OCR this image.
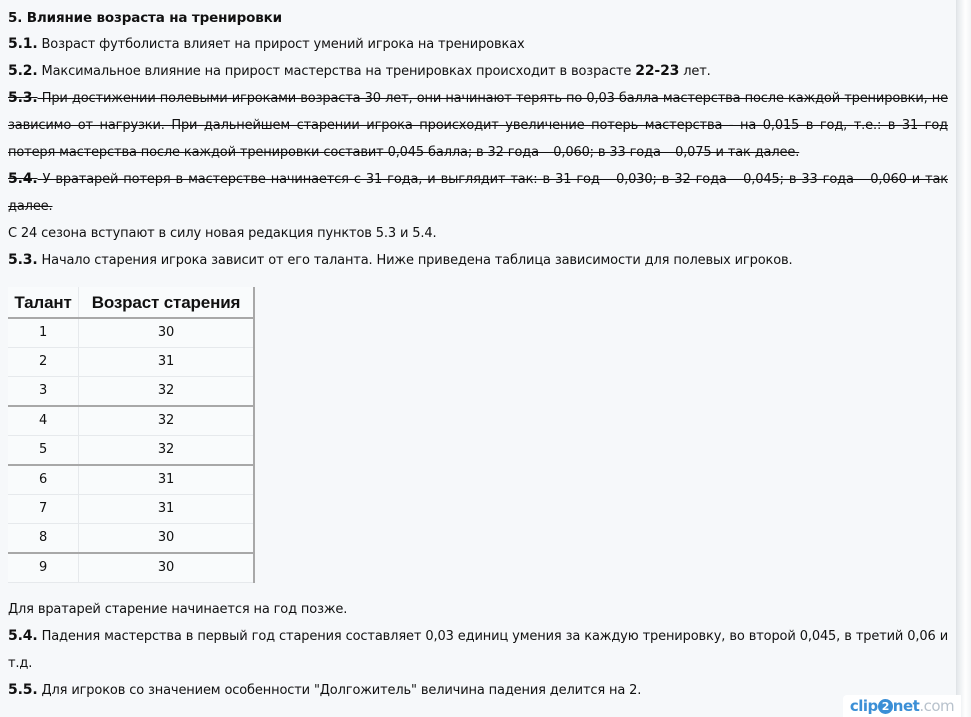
5. Влияние возраста на тренировки

5.1. Возраст футболиста влияет на прирост умений игрока на тренировках

5.2. Максимальное влияние на прирост мастерства на тренировках происходит в возрасте 22-23 лет.

5.3. При достижении полевыми игроками возраста 30 лет, они начинают терять по 0,03 балла мастерства после каждой тренировки, не зависимо от нагрузки. При дальнейшем старении игрока происходит увеличение потерь мастерства - на 0,015 в год, т.е.: в 31 год потеря мастерства после каждой тренировки составит 0,045 балла; в 32 года – 0,060; в 33 года – 0,075 и так далее.

5.4. У вратарей потеря в мастерстве начинается с 31 года, и выглядит так: в 31 год – 0,030; в 32 года – 0,045; в 33 года – 0,060 и так далее.

С 24 сезона вступают в силу новая редакция пунктов 5.3 и 5.4.

5.3. Начало старения игрока зависит от его таланта. Ниже приведена таблица зависимости для полевых игроков.

Талант	Возраст старения
1	30
2	31
3	32
4	32
5	32
6	31
7	31
8	30
9	30

Для вратарей старение начинается на год позже.

5.4. Падения мастерства в первый год старения составляет 0,03 единиц умения за каждую тренировку, во второй 0,045, в третий 0,06 и т.д.

5.5. Для игроков со значением особенности "Долгожитель" величина падения делится на 2.

clip 2 net.com
